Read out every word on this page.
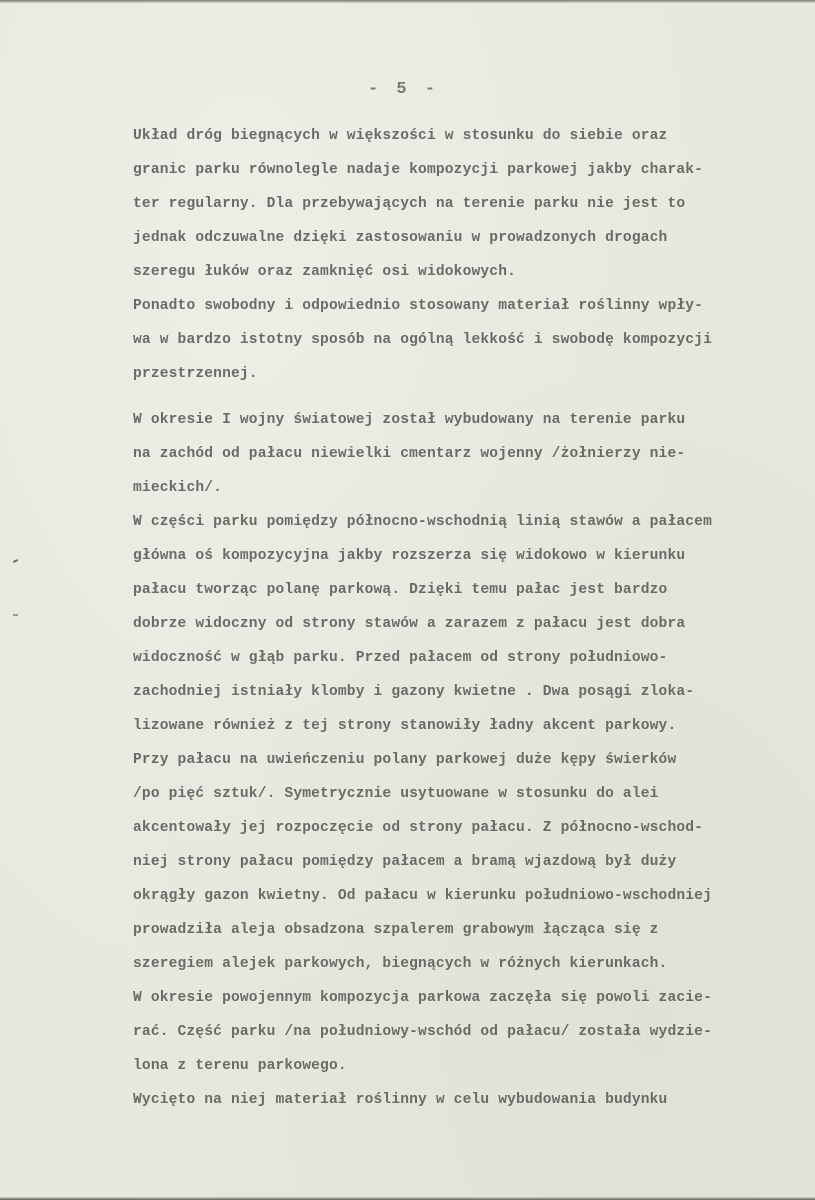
- 5 -
Układ dróg biegnących w większości w stosunku do siebie oraz
granic parku równolegle nadaje kompozycji parkowej jakby charak-
ter regularny. Dla przebywających na terenie parku nie jest to
jednak odczuwalne dzięki zastosowaniu w prowadzonych drogach
szeregu łuków oraz zamknięć osi widokowych.
Ponadto swobodny i odpowiednio stosowany materiał roślinny wpły-
wa w bardzo istotny sposób na ogólną lekkość i swobodę kompozycji
przestrzennej.
W okresie I wojny światowej został wybudowany na terenie parku
na zachód od pałacu niewielki cmentarz wojenny /żołnierzy nie-
mieckich/.
W części parku pomiędzy północno-wschodnią linią stawów a pałacem
główna oś kompozycyjna jakby rozszerza się widokowo w kierunku
pałacu tworząc polanę parkową. Dzięki temu pałac jest bardzo
dobrze widoczny od strony stawów a zarazem z pałacu jest dobra
widoczność w głąb parku. Przed pałacem od strony południowo-
zachodniej istniały klomby i gazony kwietne . Dwa posągi zloka-
lizowane również z tej strony stanowiły ładny akcent parkowy.
Przy pałacu na uwieńczeniu polany parkowej duże kępy świerków
/po pięć sztuk/. Symetrycznie usytuowane w stosunku do alei
akcentowały jej rozpoczęcie od strony pałacu. Z północno-wschod-
niej strony pałacu pomiędzy pałacem a bramą wjazdową był duży
okrągły gazon kwietny. Od pałacu w kierunku południowo-wschodniej
prowadziła aleja obsadzona szpalerem grabowym łącząca się z
szeregiem alejek parkowych, biegnących w różnych kierunkach.
W okresie powojennym kompozycja parkowa zaczęła się powoli zacie-
rać. Część parku /na południowy-wschód od pałacu/ została wydzie-
lona z terenu parkowego.
Wycięto na niej materiał roślinny w celu wybudowania budynku
